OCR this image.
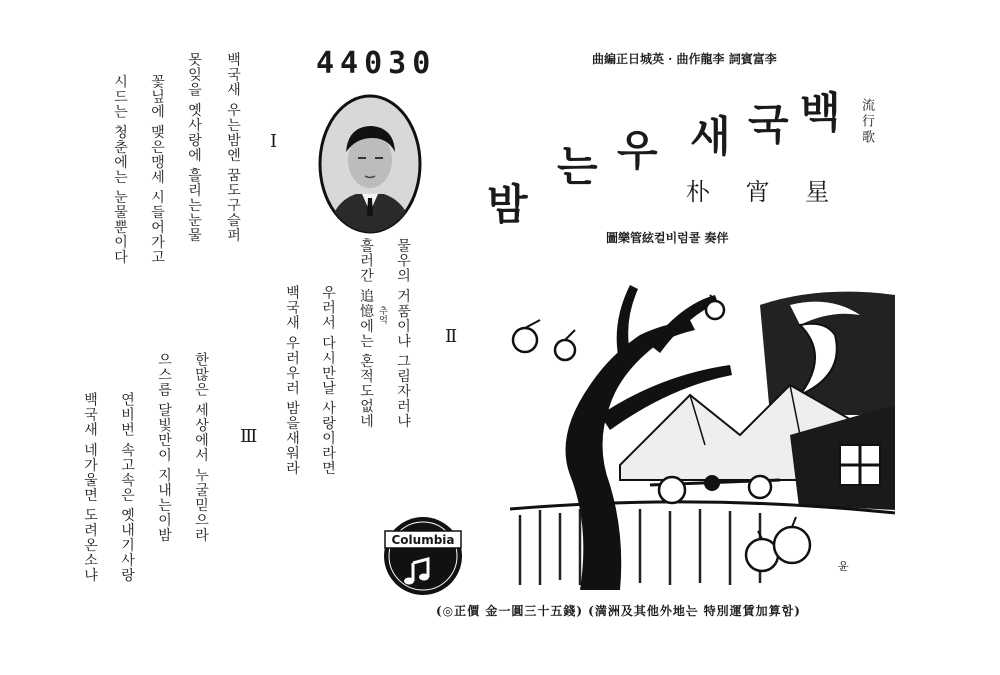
44030	曲編正日城英 · 曲作龍李 詞賓富李
流行歌
백
국
새
우
는
밤	朴 宵 星
圖樂管絃컬비럼콜 奏伴
Ⅰ
Ⅱ
Ⅲ
백국새 우는밤엔 꿈도구슬퍼
못잊을 옛사랑에 흘리는눈물
꽃닢에 맺은맹세 시들어가고
시드는 청춘에는 눈물뿐이다
물우의 거품이냐 그림자러냐
흘러간 追憶에는 혼적도없네 추억
우러서 다시만날 사랑이라면
백국새 우러우러 밤을새워라
한많은 세상에서 누굴믿으라
으스름 달빛만이 지내는이밤
연비번 속고속은 옛내기사랑
백국새 네가울면 도려온소냐	Columbia
윤
(◎正價 金一圓三十五錢) (満洲及其他外地는 特別運賃加算함)
